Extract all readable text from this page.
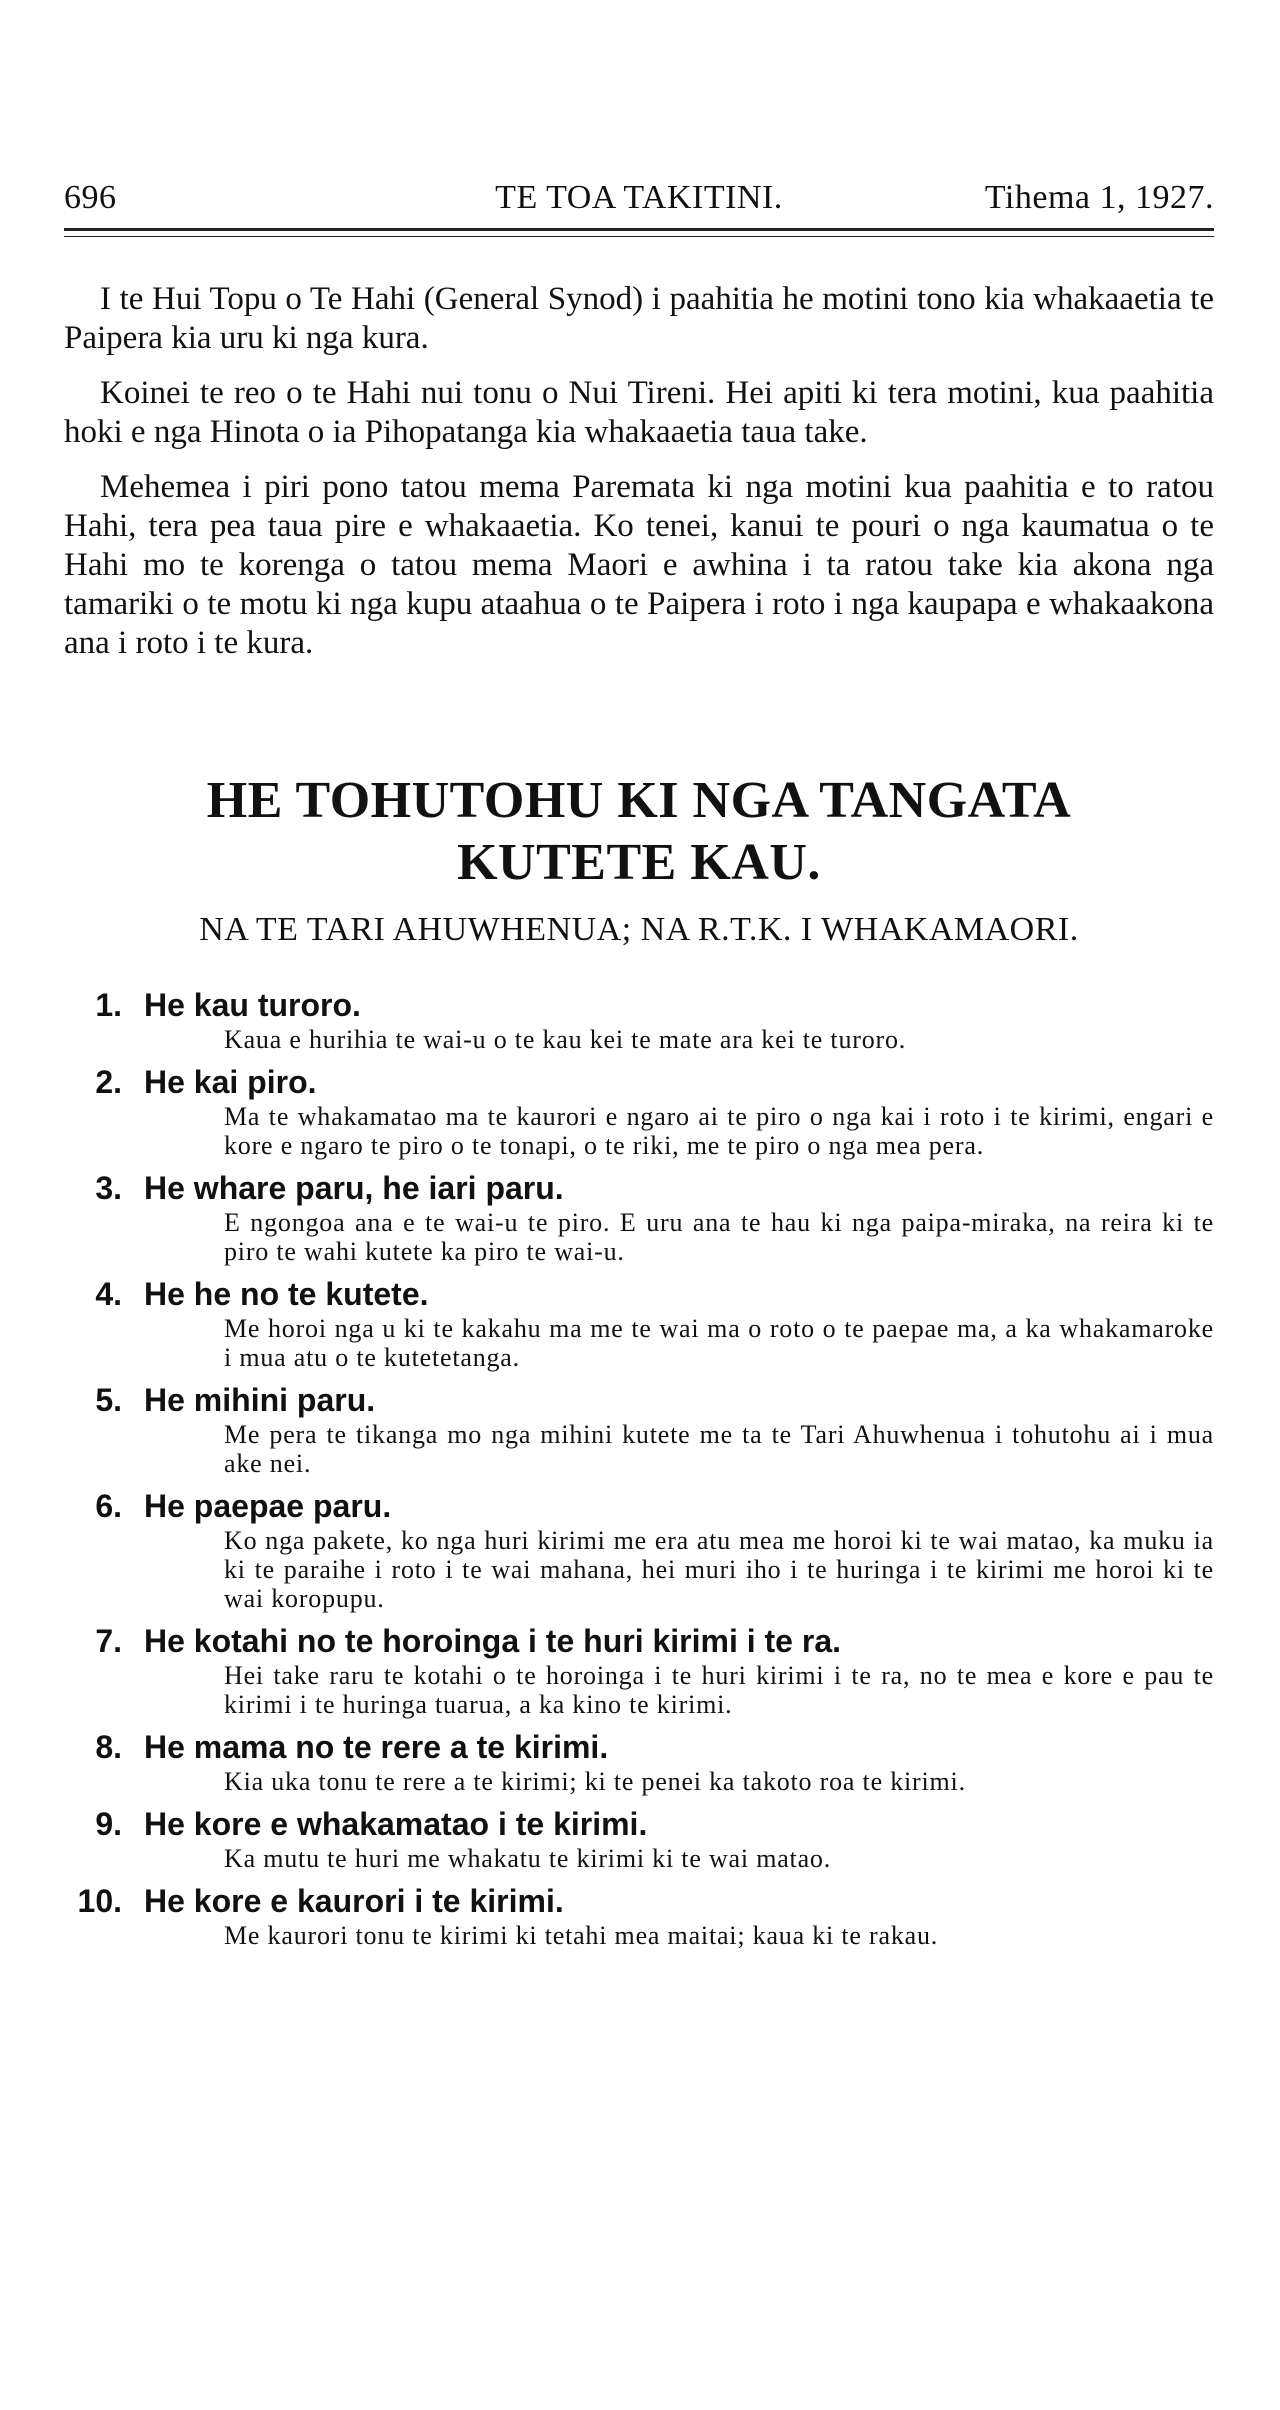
696	TE TOA TAKITINI.	Tihema 1, 1927.

I te Hui Topu o Te Hahi (General Synod) i paahitia he motini tono kia whakaaetia te Paipera kia uru ki nga kura.

Koinei te reo o te Hahi nui tonu o Nui Tireni. Hei apiti ki tera motini, kua paahitia hoki e nga Hinota o ia Pihopatanga kia whakaaetia taua take.

Mehemea i piri pono tatou mema Paremata ki nga motini kua paahitia e to ratou Hahi, tera pea taua pire e whakaaetia. Ko tenei, kanui te pouri o nga kaumatua o te Hahi mo te korenga o tatou mema Maori e awhina i ta ratou take kia akona nga tamariki o te motu ki nga kupu ataahua o te Paipera i roto i nga kaupapa e whakaakona ana i roto i te kura.

HE TOHUTOHU KI NGA TANGATA
KUTETE KAU.
NA TE TARI AHUWHENUA; NA R.T.K. I WHAKAMAORI.
1. He kau turoro.
Kaua e hurihia te wai-u o te kau kei te mate ara kei te turoro.
2. He kai piro.
Ma te whakamatao ma te kaurori e ngaro ai te piro o nga kai i roto i te kirimi, engari e kore e ngaro te piro o te tonapi, o te riki, me te piro o nga mea pera.
3. He whare paru, he iari paru.
E ngongoa ana e te wai-u te piro. E uru ana te hau ki nga paipa-miraka, na reira ki te piro te wahi kutete ka piro te wai-u.
4. He he no te kutete.
Me horoi nga u ki te kakahu ma me te wai ma o roto o te paepae ma, a ka whakamaroke i mua atu o te kutetetanga.
5. He mihini paru.
Me pera te tikanga mo nga mihini kutete me ta te Tari Ahuwhenua i tohutohu ai i mua ake nei.
6. He paepae paru.
Ko nga pakete, ko nga huri kirimi me era atu mea me horoi ki te wai matao, ka muku ia ki te paraihe i roto i te wai mahana, hei muri iho i te huringa i te kirimi me horoi ki te wai koropupu.
7. He kotahi no te horoinga i te huri kirimi i te ra.
Hei take raru te kotahi o te horoinga i te huri kirimi i te ra, no te mea e kore e pau te kirimi i te huringa tuarua, a ka kino te kirimi.
8. He mama no te rere a te kirimi.
Kia uka tonu te rere a te kirimi; ki te penei ka takoto roa te kirimi.
9. He kore e whakamatao i te kirimi.
Ka mutu te huri me whakatu te kirimi ki te wai matao.
10. He kore e kaurori i te kirimi.
Me kaurori tonu te kirimi ki tetahi mea maitai; kaua ki te rakau.
